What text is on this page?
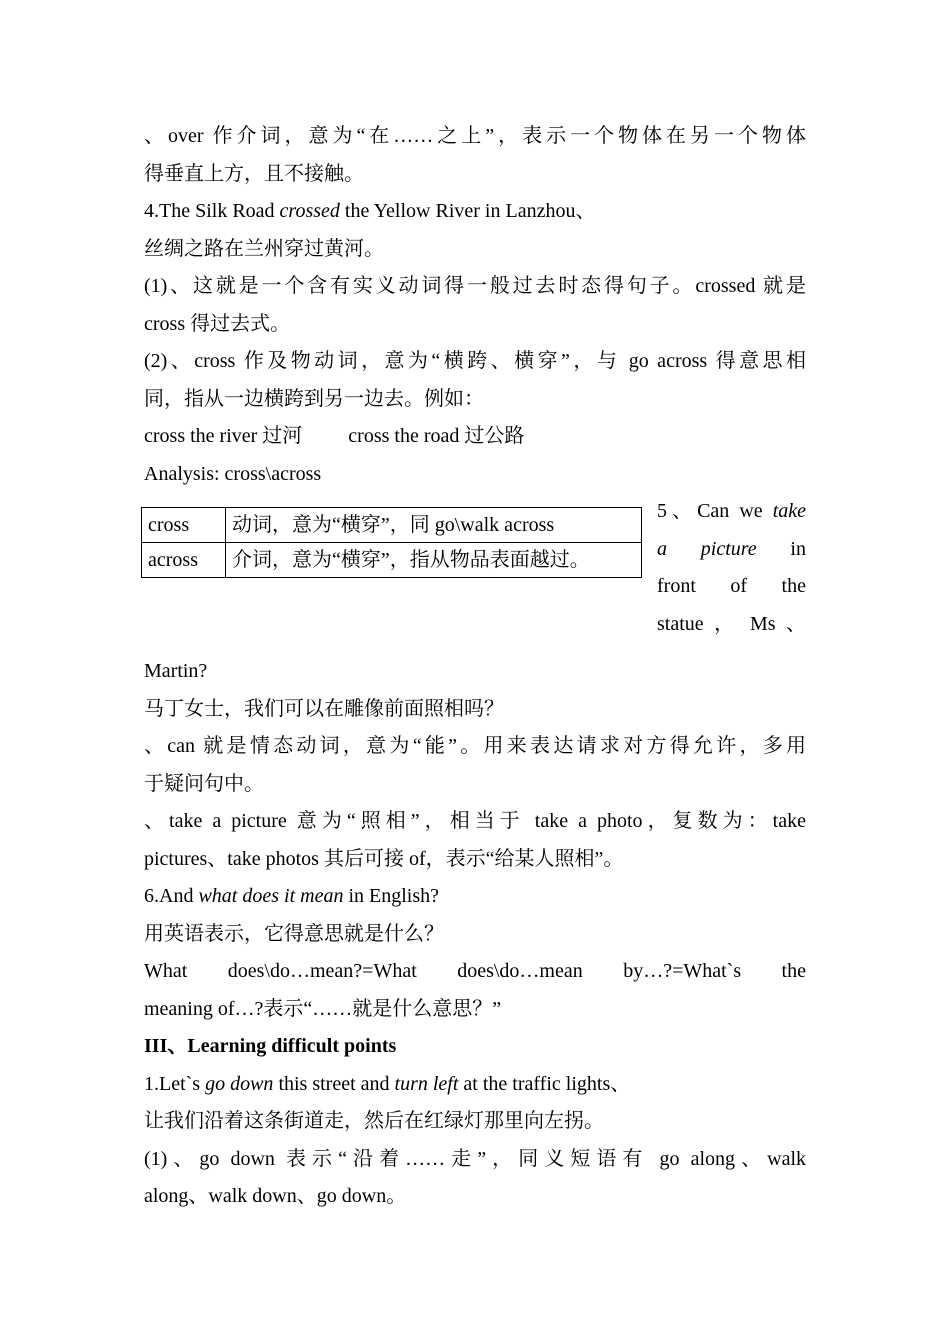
、over 作介词，意为“在……之上”，表示一个物体在另一个物体

得垂直上方，且不接触。

4.The Silk Road crossed the Yellow River in Lanzhou、

丝绸之路在兰州穿过黄河。

(1)、这就是一个含有实义动词得一般过去时态得句子。crossed 就是

cross 得过去式。

(2)、cross 作及物动词，意为“横跨、横穿”，与 go across 得意思相

同，指从一边横跨到另一边去。例如：

cross the river 过河 cross the road 过公路

Analysis: cross\across

cross	动词，意为“横穿”，同 go\walk across
across	介词，意为“横穿”，指从物品表面越过。

5、Can we take

a picture in

front of the

statue ， Ms 、

Martin?

马丁女士，我们可以在雕像前面照相吗？

、can 就是情态动词，意为“能”。用来表达请求对方得允许，多用

于疑问句中。

、take a picture 意为“照相”，相当于 take a photo，复数为：take

pictures、take photos 其后可接 of，表示“给某人照相”。

6.And what does it mean in English?

用英语表示，它得意思就是什么？

What does\do…mean?=What does\do…mean by…?=What`s the

meaning of…?表示“……就是什么意思？”

III、Learning difficult points

1.Let`s go down this street and turn left at the traffic lights、

让我们沿着这条街道走，然后在红绿灯那里向左拐。

(1)、go down 表示“沿着……走”，同义短语有 go along、walk

along、walk down、go down。
